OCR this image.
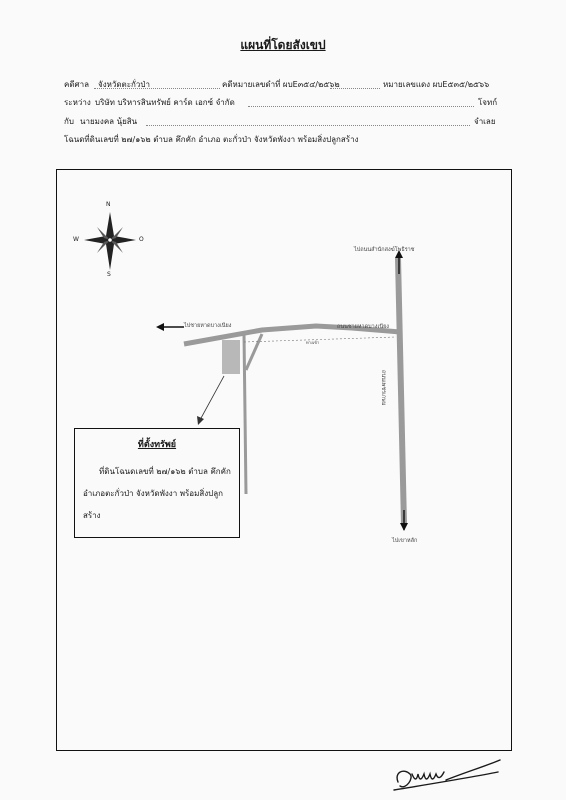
แผนที่โดยสังเขป
คดีศาล จังหวัดตะกั่วป่า	คดีหมายเลขดำที่ ผบE๓๕๔/๒๕๖๒	หมายเลขแดง ผบE๕๓๕/๒๕๖๖
ระหว่าง บริษัท บริหารสินทรัพย์ คาร์ด เอกซ์ จำกัด	โจทก์
กับ นายมงคล นุ้ยสิน	จำเลย
โฉนดที่ดินเลขที่ ๒๗/๑๖๒ ตำบล คึกคัก อำเภอ ตะกั่วป่า จังหวัดพังงา พร้อมสิ่งปลูกสร้าง
N
S
W	O
ไปถนนสำนักสงฆ์โพธิราช
ไปเขาหลัก
ไปชายหาดบางเนียง	ถนนชายหาดบางเนียง
ทางเข้า
ถนนเพชรเกษม
ที่ตั้งทรัพย์
ที่ดินโฉนดเลขที่ ๒๗/๑๖๒ ตำบล คึกคัก อำเภอตะกั่วป่า จังหวัดพังงา พร้อมสิ่งปลูกสร้าง
